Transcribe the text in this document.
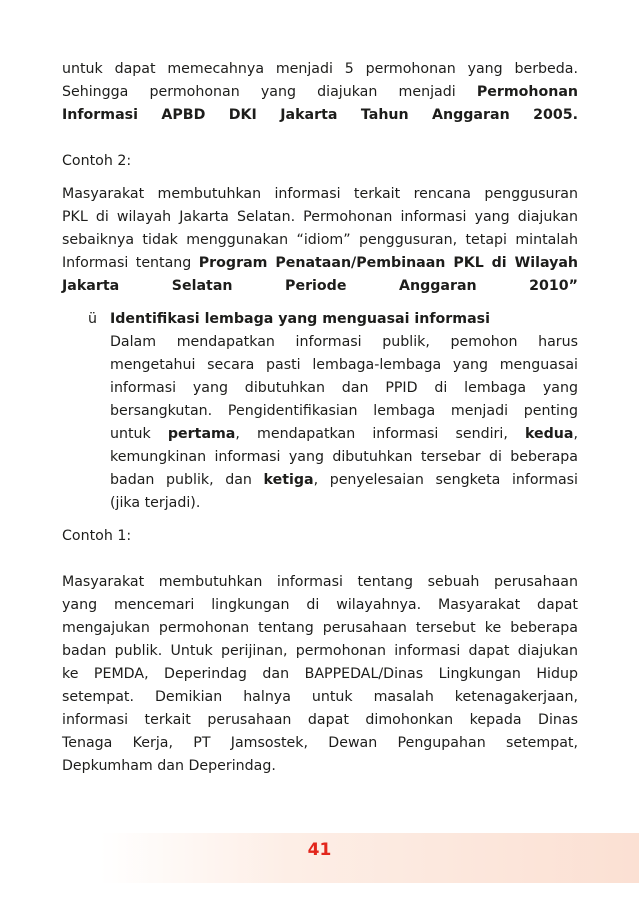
untuk dapat memecahnya menjadi 5 permohonan yang berbeda.
Sehingga permohonan yang diajukan menjadi Permohonan
Informasi APBD DKI Jakarta Tahun Anggaran 2005.
Contoh 2:
Masyarakat membutuhkan informasi terkait rencana penggusuran
PKL di wilayah Jakarta Selatan. Permohonan informasi yang diajukan
sebaiknya tidak menggunakan “idiom” penggusuran, tetapi mintalah
Informasi tentang Program Penataan/Pembinaan PKL di Wilayah
Jakarta Selatan Periode Anggaran 2010”
ü Identifikasi lembaga yang menguasai informasi
Dalam mendapatkan informasi publik, pemohon harus
mengetahui secara pasti lembaga-lembaga yang menguasai
informasi yang dibutuhkan dan PPID di lembaga yang
bersangkutan. Pengidentifikasian lembaga menjadi penting
untuk pertama, mendapatkan informasi sendiri, kedua,
kemungkinan informasi yang dibutuhkan tersebar di beberapa
badan publik, dan ketiga, penyelesaian sengketa informasi
(jika terjadi).
Contoh 1:
Masyarakat membutuhkan informasi tentang sebuah perusahaan
yang mencemari lingkungan di wilayahnya. Masyarakat dapat
mengajukan permohonan tentang perusahaan tersebut ke beberapa
badan publik. Untuk perijinan, permohonan informasi dapat diajukan
ke PEMDA, Deperindag dan BAPPEDAL/Dinas Lingkungan Hidup
setempat. Demikian halnya untuk masalah ketenagakerjaan,
informasi terkait perusahaan dapat dimohonkan kepada Dinas
Tenaga Kerja, PT Jamsostek, Dewan Pengupahan setempat,
Depkumham dan Deperindag.
41
